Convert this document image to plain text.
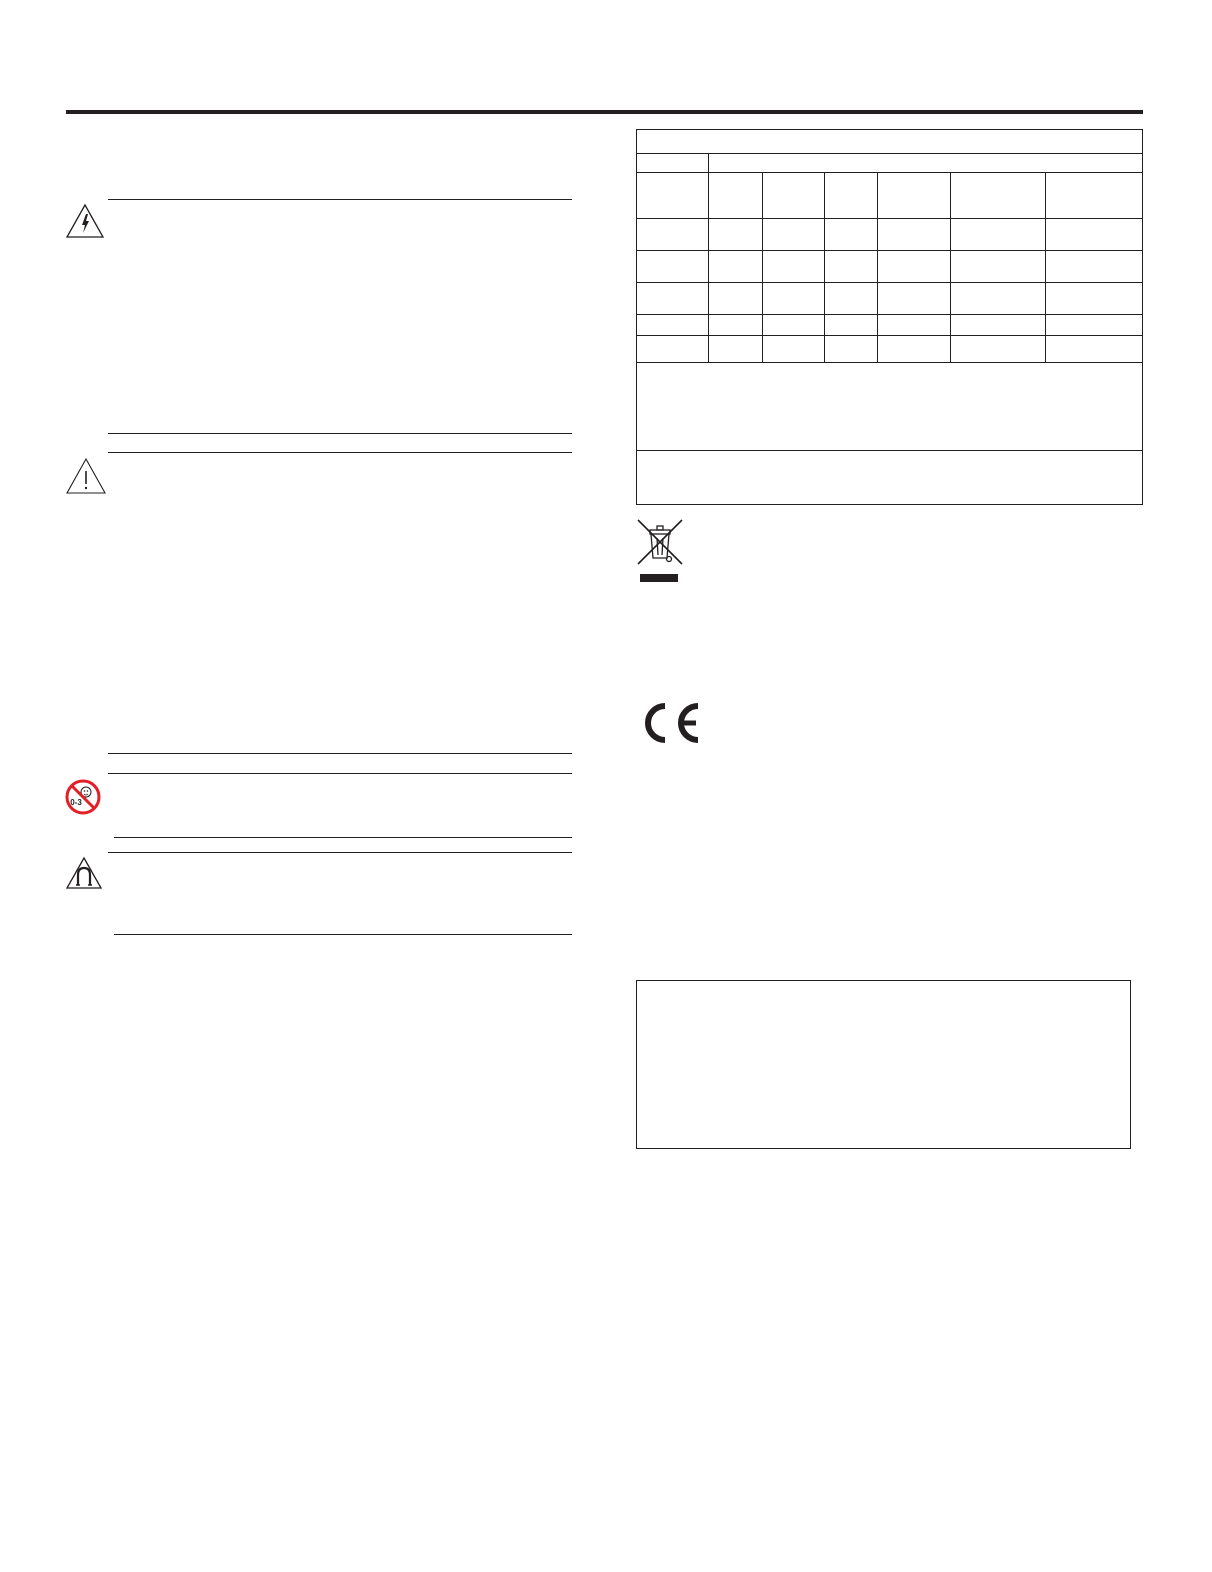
0-3
